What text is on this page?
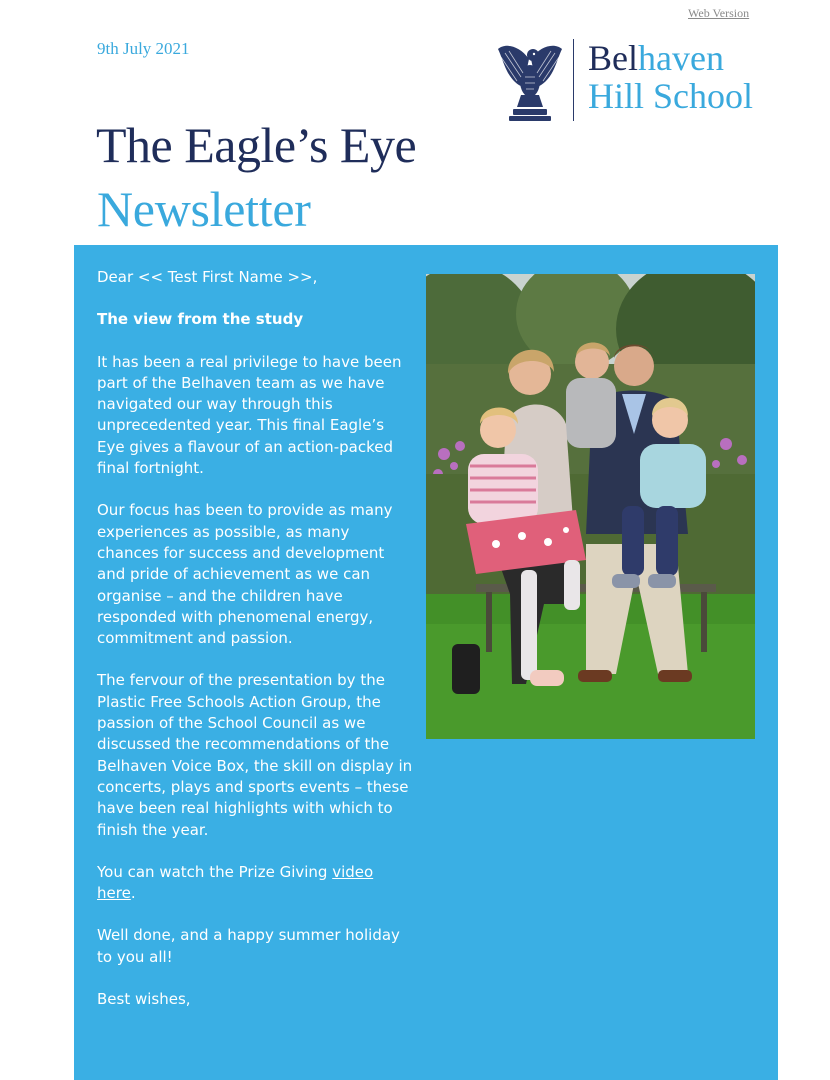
Web Version
9th July 2021	Belhaven
Hill School
The Eagle’s Eye
Newsletter

Dear << Test First Name >>,

The view from the study

It has been a real privilege to have been part of the Belhaven team as we have navigated our way through this unprecedented year. This final Eagle’s Eye gives a flavour of an action-packed final fortnight.

Our focus has been to provide as many experiences as possible, as many chances for success and development and pride of achievement as we can organise – and the children have responded with phenomenal energy, commitment and passion.

The fervour of the presentation by the Plastic Free Schools Action Group, the passion of the School Council as we discussed the recommendations of the Belhaven Voice Box, the skill on display in concerts, plays and sports events – these have been real highlights with which to finish the year.

You can watch the Prize Giving video here.

Well done, and a happy summer holiday to you all!

Best wishes,
